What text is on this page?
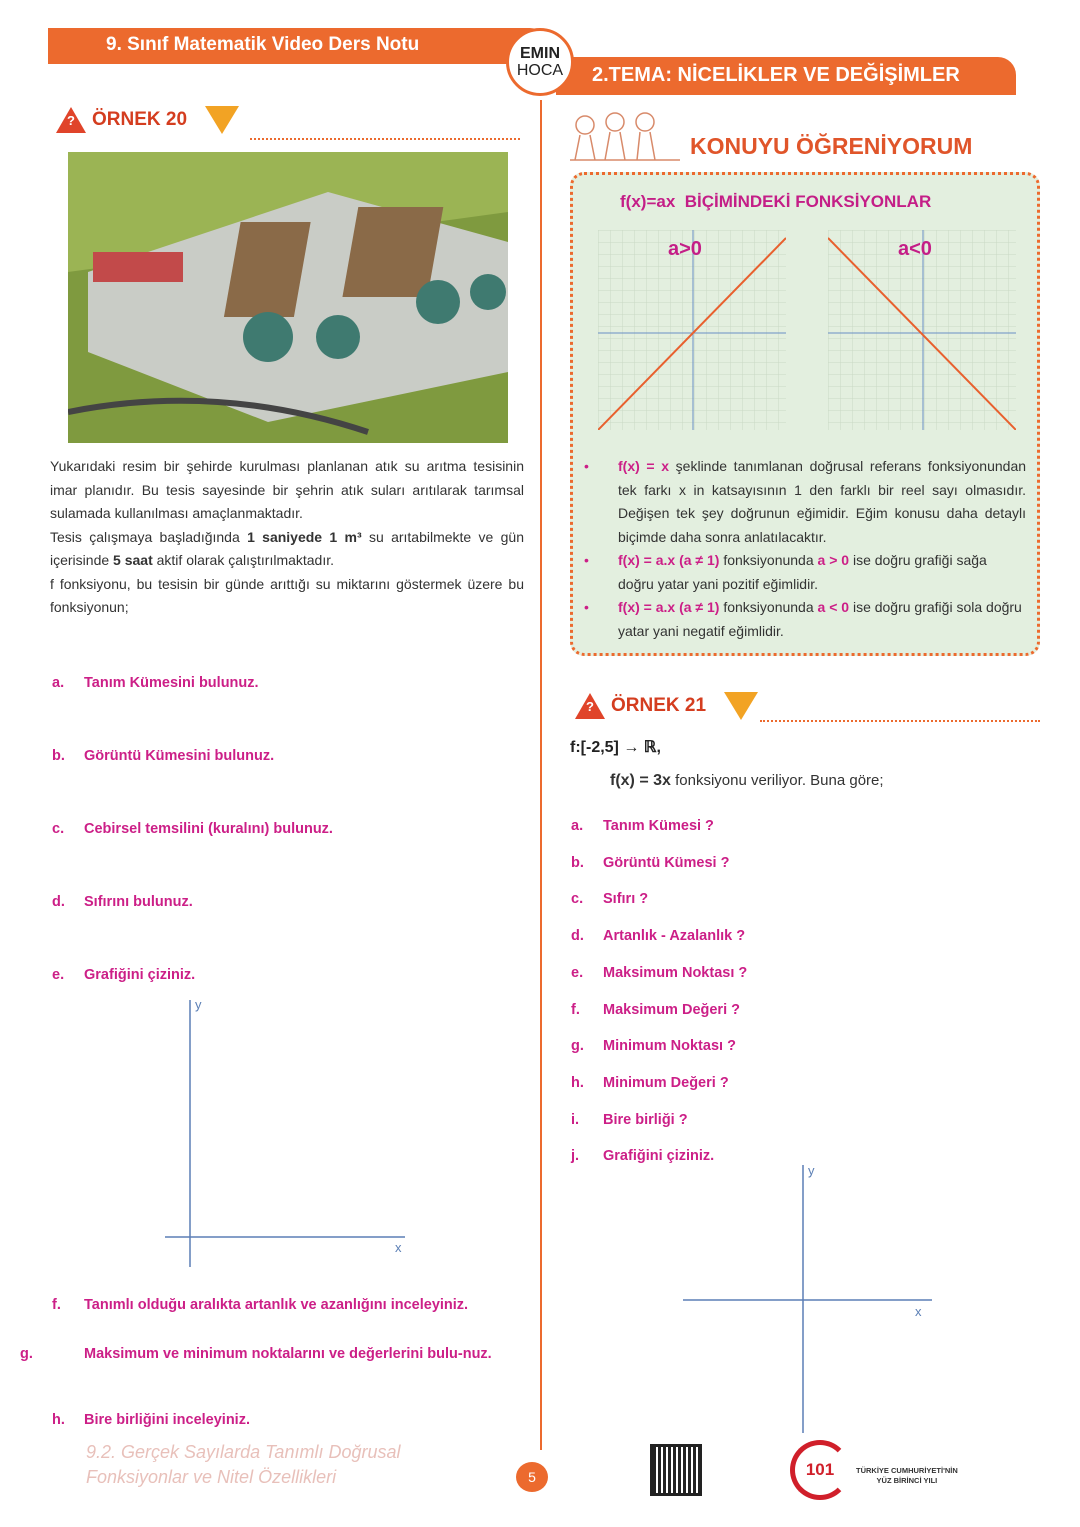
9. Sınıf Matematik Video Ders Notu
2.TEMA: NİCELİKLER VE DEĞİŞİMLER
EMIN
HOCA
? ÖRNEK 20
Yukarıdaki resim bir şehirde kurulması planlanan atık su arıtma tesisinin imar planıdır. Bu tesis sayesinde bir şehrin atık suları arıtılarak tarımsal sulamada kullanılması amaçlanmaktadır.
Tesis çalışmaya başladığında 1 saniyede 1 m³ su arıtabilmekte ve gün içerisinde 5 saat aktif olarak çalıştırılmaktadır.
f fonksiyonu, bu tesisin bir günde arıttığı su miktarını göstermek üzere bu fonksiyonun;
a. Tanım Kümesini bulunuz.
b. Görüntü Kümesini bulunuz.
c. Cebirsel temsilini (kuralını) bulunuz.
d. Sıfırını bulunuz.
e. Grafiğini çiziniz.
y
x
f. Tanımlı olduğu aralıkta artanlık ve azanlığını inceleyiniz.
g.	Maksimum ve minimum noktalarını ve değerlerini bulu-nuz.
h. Bire birliğini inceleyiniz.
9.2. Gerçek Sayılarda Tanımlı Doğrusal
Fonksiyonlar ve Nitel Özellikleri
KONUYU ÖĞRENİYORUM
f(x)=ax  BİÇİMİNDEKİ FONKSİYONLAR
a>0	a<0
• f(x) = x şeklinde tanımlanan doğrusal referans fonksiyonundan tek farkı x in katsayısının 1 den farklı bir reel sayı olmasıdır. Değişen tek şey doğrunun eğimidir. Eğim konusu daha detaylı biçimde daha sonra anlatılacaktır.
• f(x) = a.x (a ≠ 1) fonksiyonunda a > 0 ise doğru grafiği sağa doğru yatar yani pozitif eğimlidir.
• f(x) = a.x (a ≠ 1) fonksiyonunda a < 0 ise doğru grafiği sola doğru yatar yani negatif eğimlidir.
? ÖRNEK 21
f:[-2,5] → ℝ,
f(x) = 3x fonksiyonu veriliyor. Buna göre;
a. Tanım Kümesi ?
b. Görüntü Kümesi ?
c. Sıfırı ?
d. Artanlık - Azalanlık ?
e. Maksimum Noktası ?
f. Maksimum Değeri ?
g. Minimum Noktası ?
h. Minimum Değeri ?
i. Bire birliği ?
j. Grafiğini çiziniz.
y
x
5	101	TÜRKİYE CUMHURİYETİ'NİN
YÜZ BİRİNCİ YILI
